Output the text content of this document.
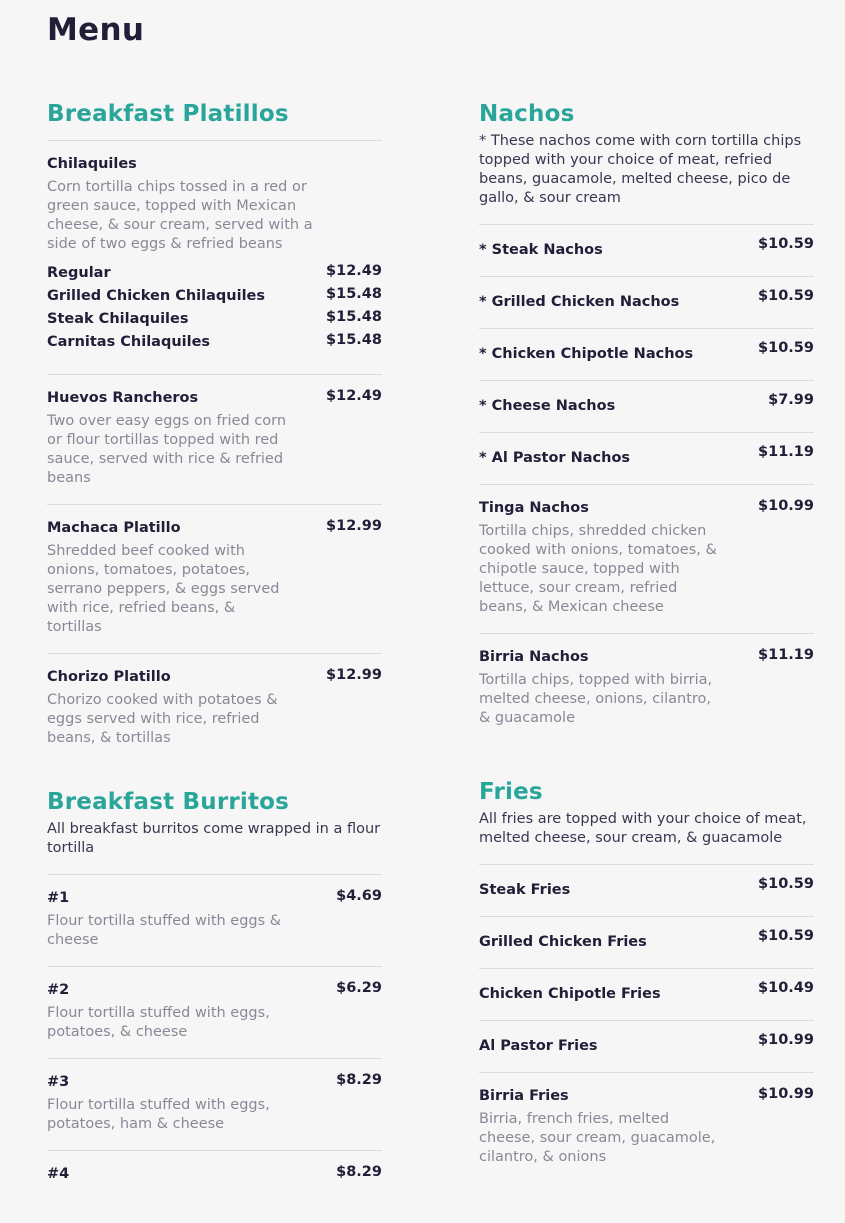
Menu
Breakfast Platillos

Chilaquiles

Corn tortilla chips tossed in a red or green sauce, topped with Mexican cheese, & sour cream, served with a side of two eggs & refried beans

Regular	$12.49
Grilled Chicken Chilaquiles	$15.48
Steak Chilaquiles	$15.48
Carnitas Chilaquiles	$15.48

Huevos Rancheros	$12.49

Two over easy eggs on fried corn or flour tortillas topped with red sauce, served with rice & refried beans

Machaca Platillo	$12.99

Shredded beef cooked with onions, tomatoes, potatoes, serrano peppers, & eggs served with rice, refried beans, & tortillas

Chorizo Platillo	$12.99

Chorizo cooked with potatoes & eggs served with rice, refried beans, & tortillas

Breakfast Burritos

All breakfast burritos come wrapped in a flour tortilla

#1	$4.69

Flour tortilla stuffed with eggs & cheese

#2	$6.29

Flour tortilla stuffed with eggs, potatoes, & cheese

#3	$8.29

Flour tortilla stuffed with eggs, potatoes, ham & cheese

#4	$8.29
Nachos

* These nachos come with corn tortilla chips topped with your choice of meat, refried beans, guacamole, melted cheese, pico de gallo, & sour cream

* Steak Nachos	$10.59

* Grilled Chicken Nachos	$10.59

* Chicken Chipotle Nachos	$10.59

* Cheese Nachos	$7.99

* Al Pastor Nachos	$11.19

Tinga Nachos	$10.99

Tortilla chips, shredded chicken cooked with onions, tomatoes, & chipotle sauce, topped with lettuce, sour cream, refried beans, & Mexican cheese

Birria Nachos	$11.19

Tortilla chips, topped with birria, melted cheese, onions, cilantro, & guacamole

Fries

All fries are topped with your choice of meat, melted cheese, sour cream, & guacamole

Steak Fries	$10.59

Grilled Chicken Fries	$10.59

Chicken Chipotle Fries	$10.49

Al Pastor Fries	$10.99

Birria Fries	$10.99

Birria, french fries, melted cheese, sour cream, guacamole, cilantro, & onions
